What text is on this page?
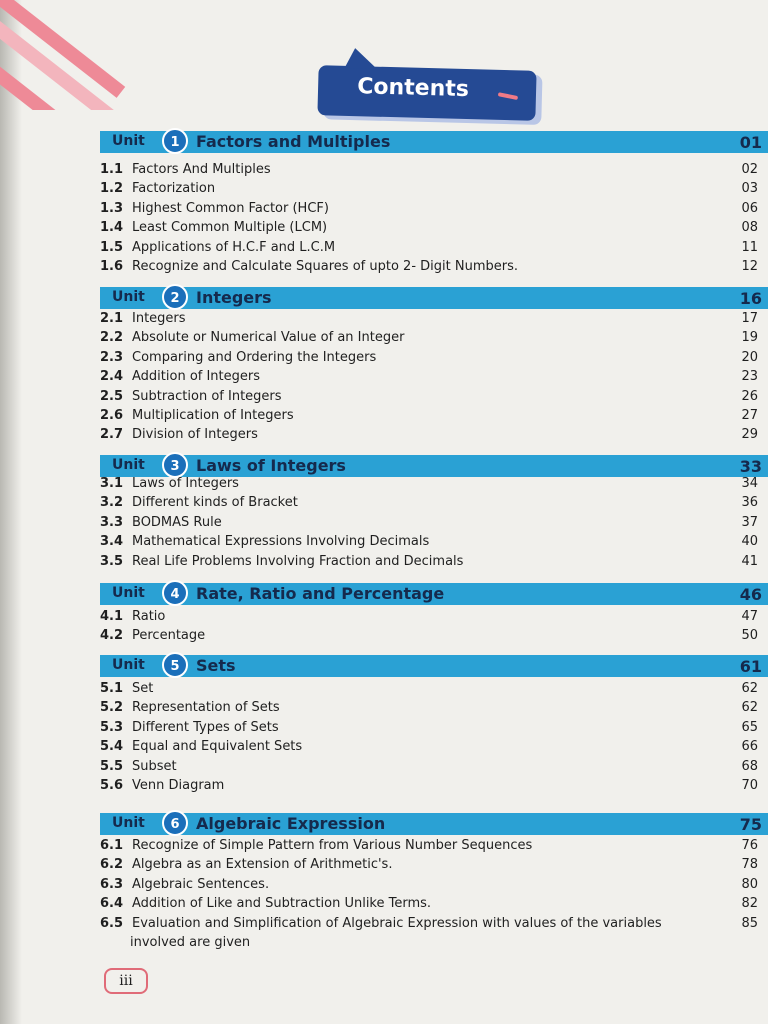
Contents
Unit	1	Factors and Multiples	01
1.1 Factors And Multiples	02
1.2 Factorization	03
1.3 Highest Common Factor (HCF)	06
1.4 Least Common Multiple (LCM)	08
1.5 Applications of H.C.F and L.C.M	11
1.6 Recognize and Calculate Squares of upto 2- Digit Numbers.	12
Unit	2	Integers	16
2.1 Integers	17
2.2 Absolute or Numerical Value of an Integer	19
2.3 Comparing and Ordering the Integers	20
2.4 Addition of Integers	23
2.5 Subtraction of Integers	26
2.6 Multiplication of Integers	27
2.7 Division of Integers	29
Unit	3	Laws of Integers	33
3.1 Laws of Integers	34
3.2 Different kinds of Bracket	36
3.3 BODMAS Rule	37
3.4 Mathematical Expressions Involving Decimals	40
3.5 Real Life Problems Involving Fraction and Decimals	41
Unit	4	Rate, Ratio and Percentage	46
4.1 Ratio	47
4.2 Percentage	50
Unit	5	Sets	61
5.1 Set	62
5.2 Representation of Sets	62
5.3 Different Types of Sets	65
5.4 Equal and Equivalent Sets	66
5.5 Subset	68
5.6 Venn Diagram	70
Unit	6	Algebraic Expression	75
6.1 Recognize of Simple Pattern from Various Number Sequences	76
6.2 Algebra as an Extension of Arithmetic's.	78
6.3 Algebraic Sentences.	80
6.4 Addition of Like and Subtraction Unlike Terms.	82
6.5 Evaluation and Simplification of Algebraic Expression with values of the variables	85
involved are given
iii
